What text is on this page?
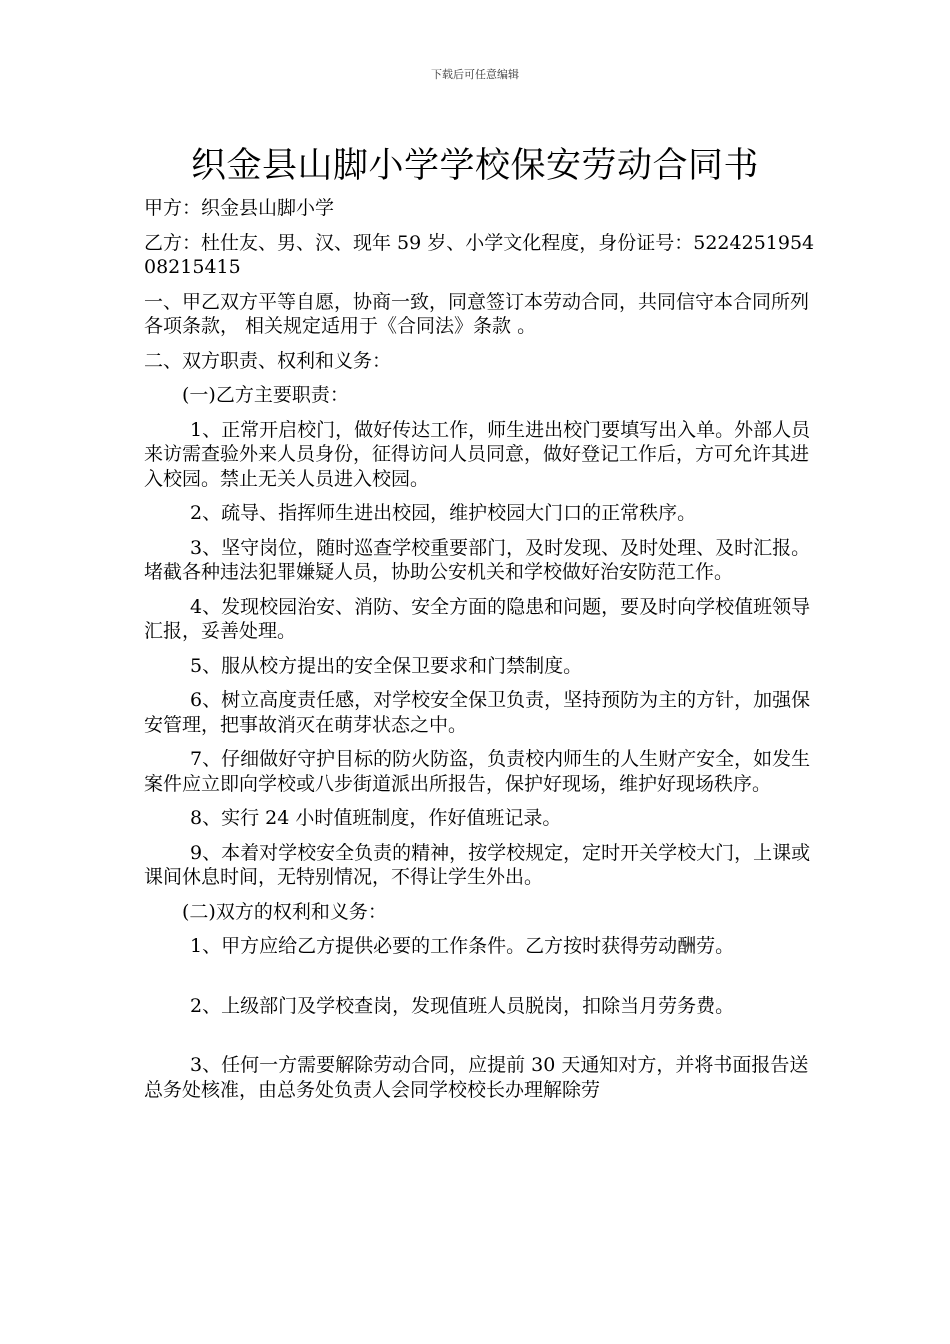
下载后可任意编辑
织金县山脚小学学校保安劳动合同书

甲方：织金县山脚小学

乙方：杜仕友、男、汉、现年 59 岁、小学文化程度，身份证号：522425195408215415

一、甲乙双方平等自愿，协商一致，同意签订本劳动合同，共同信守本合同所列各项条款， 相关规定适用于《合同法》条款 。

二、双方职责、权利和义务：

(一)乙方主要职责：

1、正常开启校门，做好传达工作，师生进出校门要填写出入单。外部人员来访需查验外来人员身份，征得访问人员同意，做好登记工作后，方可允许其进入校园。禁止无关人员进入校园。

2、疏导、指挥师生进出校园，维护校园大门口的正常秩序。

3、坚守岗位，随时巡查学校重要部门，及时发现、及时处理、及时汇报。堵截各种违法犯罪嫌疑人员，协助公安机关和学校做好治安防范工作。

4、发现校园治安、消防、安全方面的隐患和问题，要及时向学校值班领导汇报，妥善处理。

5、服从校方提出的安全保卫要求和门禁制度。

6、树立高度责任感，对学校安全保卫负责，坚持预防为主的方针，加强保安管理，把事故消灭在萌芽状态之中。

7、仔细做好守护目标的防火防盗，负责校内师生的人生财产安全，如发生案件应立即向学校或八步街道派出所报告，保护好现场，维护好现场秩序。

8、实行 24 小时值班制度，作好值班记录。

9、本着对学校安全负责的精神，按学校规定，定时开关学校大门，上课或课间休息时间，无特别情况，不得让学生外出。

(二)双方的权利和义务：

1、甲方应给乙方提供必要的工作条件。乙方按时获得劳动酬劳。

2、上级部门及学校查岗，发现值班人员脱岗，扣除当月劳务费。

3、任何一方需要解除劳动合同，应提前 30 天通知对方，并将书面报告送总务处核准，由总务处负责人会同学校校长办理解除劳
